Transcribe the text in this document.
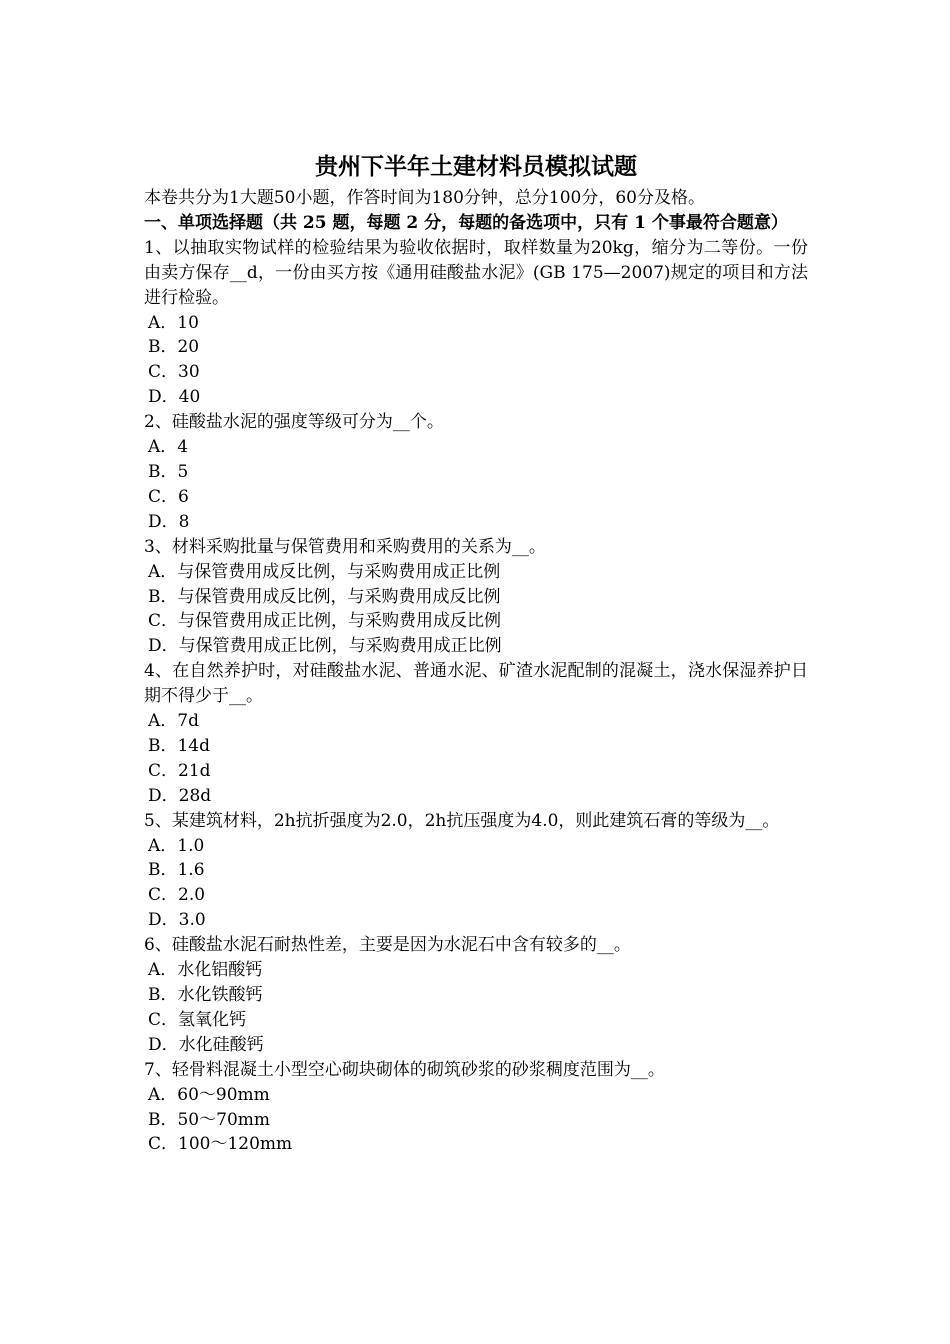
贵州下半年土建材料员模拟试题

本卷共分为1大题50小题，作答时间为180分钟，总分100分，60分及格。

一、单项选择题（共 25 题，每题 2 分，每题的备选项中，只有 1 个事最符合题意）

1、以抽取实物试样的检验结果为验收依据时，取样数量为20kg，缩分为二等份。一份由卖方保存__d，一份由买方按《通用硅酸盐水泥》(GB 175—2007)规定的项目和方法进行检验。

A．10

B．20

C．30

D．40

2、硅酸盐水泥的强度等级可分为__个。

A．4

B．5

C．6

D．8

3、材料采购批量与保管费用和采购费用的关系为__。

A．与保管费用成反比例，与采购费用成正比例

B．与保管费用成反比例，与采购费用成反比例

C．与保管费用成正比例，与采购费用成反比例

D．与保管费用成正比例，与采购费用成正比例

4、在自然养护时，对硅酸盐水泥、普通水泥、矿渣水泥配制的混凝土，浇水保湿养护日期不得少于__。

A．7d

B．14d

C．21d

D．28d

5、某建筑材料，2h抗折强度为2.0，2h抗压强度为4.0，则此建筑石膏的等级为__。

A．1.0

B．1.6

C．2.0

D．3.0

6、硅酸盐水泥石耐热性差，主要是因为水泥石中含有较多的__。

A．水化铝酸钙

B．水化铁酸钙

C．氢氧化钙

D．水化硅酸钙

7、轻骨料混凝土小型空心砌块砌体的砌筑砂浆的砂浆稠度范围为__。

A．60～90mm

B．50～70mm

C．100～120mm
